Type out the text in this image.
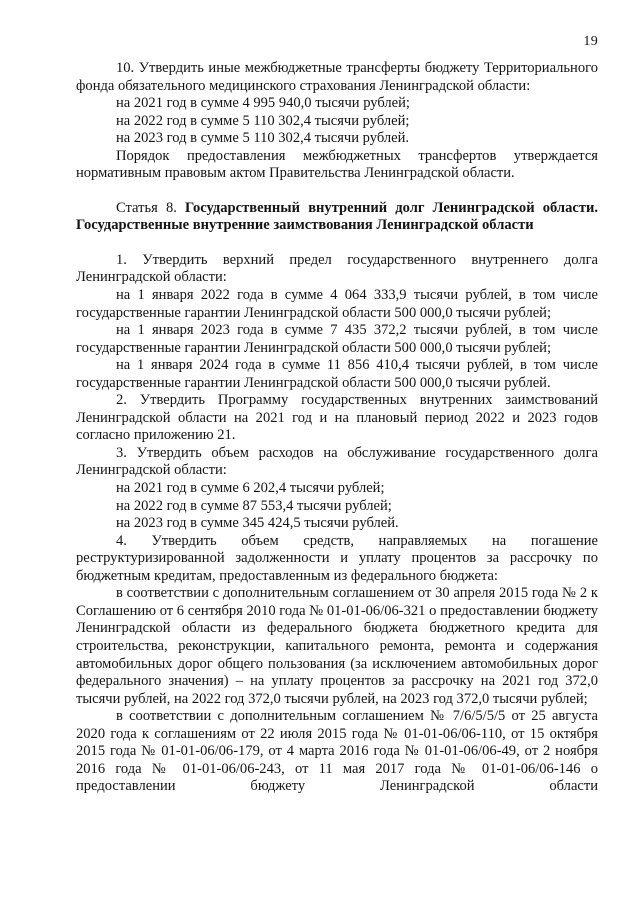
19

10. Утвердить иные межбюджетные трансферты бюджету Территориального фонда обязательного медицинского страхования Ленинградской области:

на 2021 год в сумме 4 995 940,0 тысячи рублей;

на 2022 год в сумме 5 110 302,4 тысячи рублей;

на 2023 год в сумме 5 110 302,4 тысячи рублей.

Порядок предоставления межбюджетных трансфертов утверждается нормативным правовым актом Правительства Ленинградской области.

Статья 8. Государственный внутренний долг Ленинградской области. Государственные внутренние заимствования Ленинградской области

1. Утвердить верхний предел государственного внутреннего долга Ленинградской области:

на 1 января 2022 года в сумме 4 064 333,9 тысячи рублей, в том числе государственные гарантии Ленинградской области 500 000,0 тысячи рублей;

на 1 января 2023 года в сумме 7 435 372,2 тысячи рублей, в том числе государственные гарантии Ленинградской области 500 000,0 тысячи рублей;

на 1 января 2024 года в сумме 11 856 410,4 тысячи рублей, в том числе государственные гарантии Ленинградской области 500 000,0 тысячи рублей.

2. Утвердить Программу государственных внутренних заимствований Ленинградской области на 2021 год и на плановый период 2022 и 2023 годов согласно приложению 21.

3. Утвердить объем расходов на обслуживание государственного долга Ленинградской области:

на 2021 год в сумме 6 202,4 тысячи рублей;

на 2022 год в сумме 87 553,4 тысячи рублей;

на 2023 год в сумме 345 424,5 тысячи рублей.

4. Утвердить объем средств, направляемых на погашение реструктуризированной задолженности и уплату процентов за рассрочку по бюджетным кредитам, предоставленным из федерального бюджета:

в соответствии с дополнительным соглашением от 30 апреля 2015 года № 2 к Соглашению от 6 сентября 2010 года № 01-01-06/06-321 о предоставлении бюджету Ленинградской области из федерального бюджета бюджетного кредита для строительства, реконструкции, капитального ремонта, ремонта и содержания автомобильных дорог общего пользования (за исключением автомобильных дорог федерального значения) – на уплату процентов за рассрочку на 2021 год 372,0 тысячи рублей, на 2022 год 372,0 тысячи рублей, на 2023 год 372,0 тысячи рублей;

в соответствии с дополнительным соглашением № 7/6/5/5/5 от 25 августа 2020 года к соглашениям от 22 июля 2015 года № 01-01-06/06-110, от 15 октября 2015 года № 01-01-06/06-179, от 4 марта 2016 года № 01-01-06/06-49, от 2 ноября 2016 года № 01-01-06/06-243, от 11 мая 2017 года № 01-01-06/06-146 о предоставлении бюджету Ленинградской области
